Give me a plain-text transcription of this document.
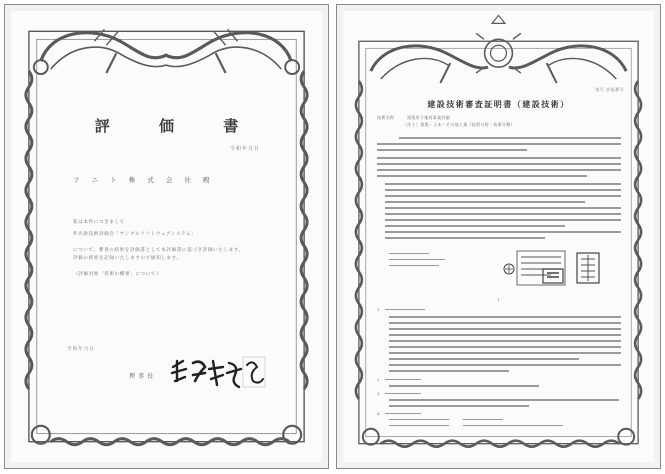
評 価 書
令和年月日
フ ニ ト 株 式 会 社 殿
私は本件につきまして
件名新技術評価会「サンブルソフトウェアシステム」
について、審査の結果を評価書として本評価書に基づき評価いたします。
評価の結果を記録いたしますので通知します。
（評価対象「技術の概要」について）
令和年月日
理事長
第号 評価番号
建設技術審査証明書（建設技術）
技術名称	建築用下地材事業評価
（注１）建築・土木・その他工業（技術分野・技術分類）
1
1.
2.
3.
4.
